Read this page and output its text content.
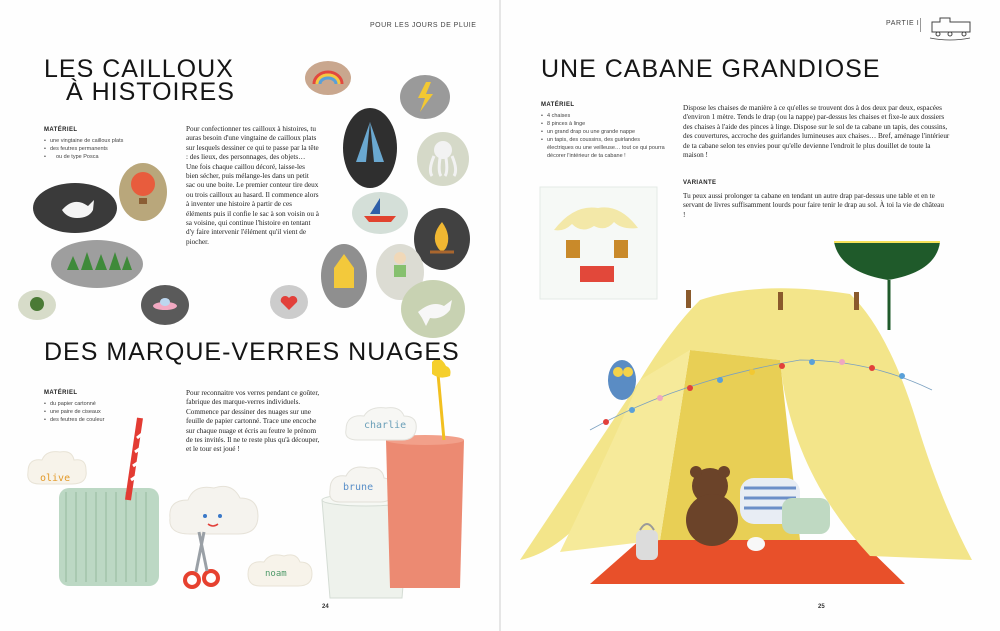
olive
charlie
brune
noam
POUR LES JOURS DE PLUIE	PARTIE I
LES CAILLOUX
À HISTOIRES
MATÉRIEL
• une vingtaine de cailloux plats
• des feutres permanents
• ou de type Posca
Pour confectionner tes cailloux à histoires, tu auras besoin d'une vingtaine de cailloux plats sur lesquels dessiner ce qui te passe par la tête : des lieux, des personnages, des objets… Une fois chaque caillou décoré, laisse-les bien sécher, puis mélange-les dans un petit sac ou une boite. Le premier conteur tire deux ou trois cailloux au hasard. Il commence alors à inventer une histoire à partir de ces éléments puis il confie le sac à son voisin ou à sa voisine, qui continue l'histoire en tentant d'y faire intervenir l'élément qu'il vient de piocher.
DES MARQUE-VERRES NUAGES
MATÉRIEL
• du papier cartonné
• une paire de ciseaux
• des feutres de couleur
Pour reconnaitre vos verres pendant ce goûter, fabrique des marque-verres individuels. Commence par dessiner des nuages sur une feuille de papier cartonné. Trace une encoche sur chaque nuage et écris au feutre le prénom de tes invités. Il ne te reste plus qu'à découper, et le tour est joué !
24
UNE CABANE GRANDIOSE
MATÉRIEL
• 4 chaises
• 8 pinces à linge
• un grand drap ou une grande nappe
• un tapis, des coussins, des guirlandes électriques ou une veilleuse… tout ce qui pourra décorer l'intérieur de ta cabane !
Dispose les chaises de manière à ce qu'elles se trouvent dos à dos deux par deux, espacées d'environ 1 mètre. Tends le drap (ou la nappe) par-dessus les chaises et fixe-le aux dossiers des chaises à l'aide des pinces à linge. Dispose sur le sol de ta cabane un tapis, des coussins, des couvertures, accroche des guirlandes lumineuses aux chaises… Bref, aménage l'intérieur de ta cabane selon tes envies pour qu'elle devienne l'endroit le plus douillet de toute la maison !
VARIANTE
Tu peux aussi prolonger ta cabane en tendant un autre drap par-dessus une table et en te servant de livres suffisamment lourds pour faire tenir le drap au sol. À toi la vie de château !
25
